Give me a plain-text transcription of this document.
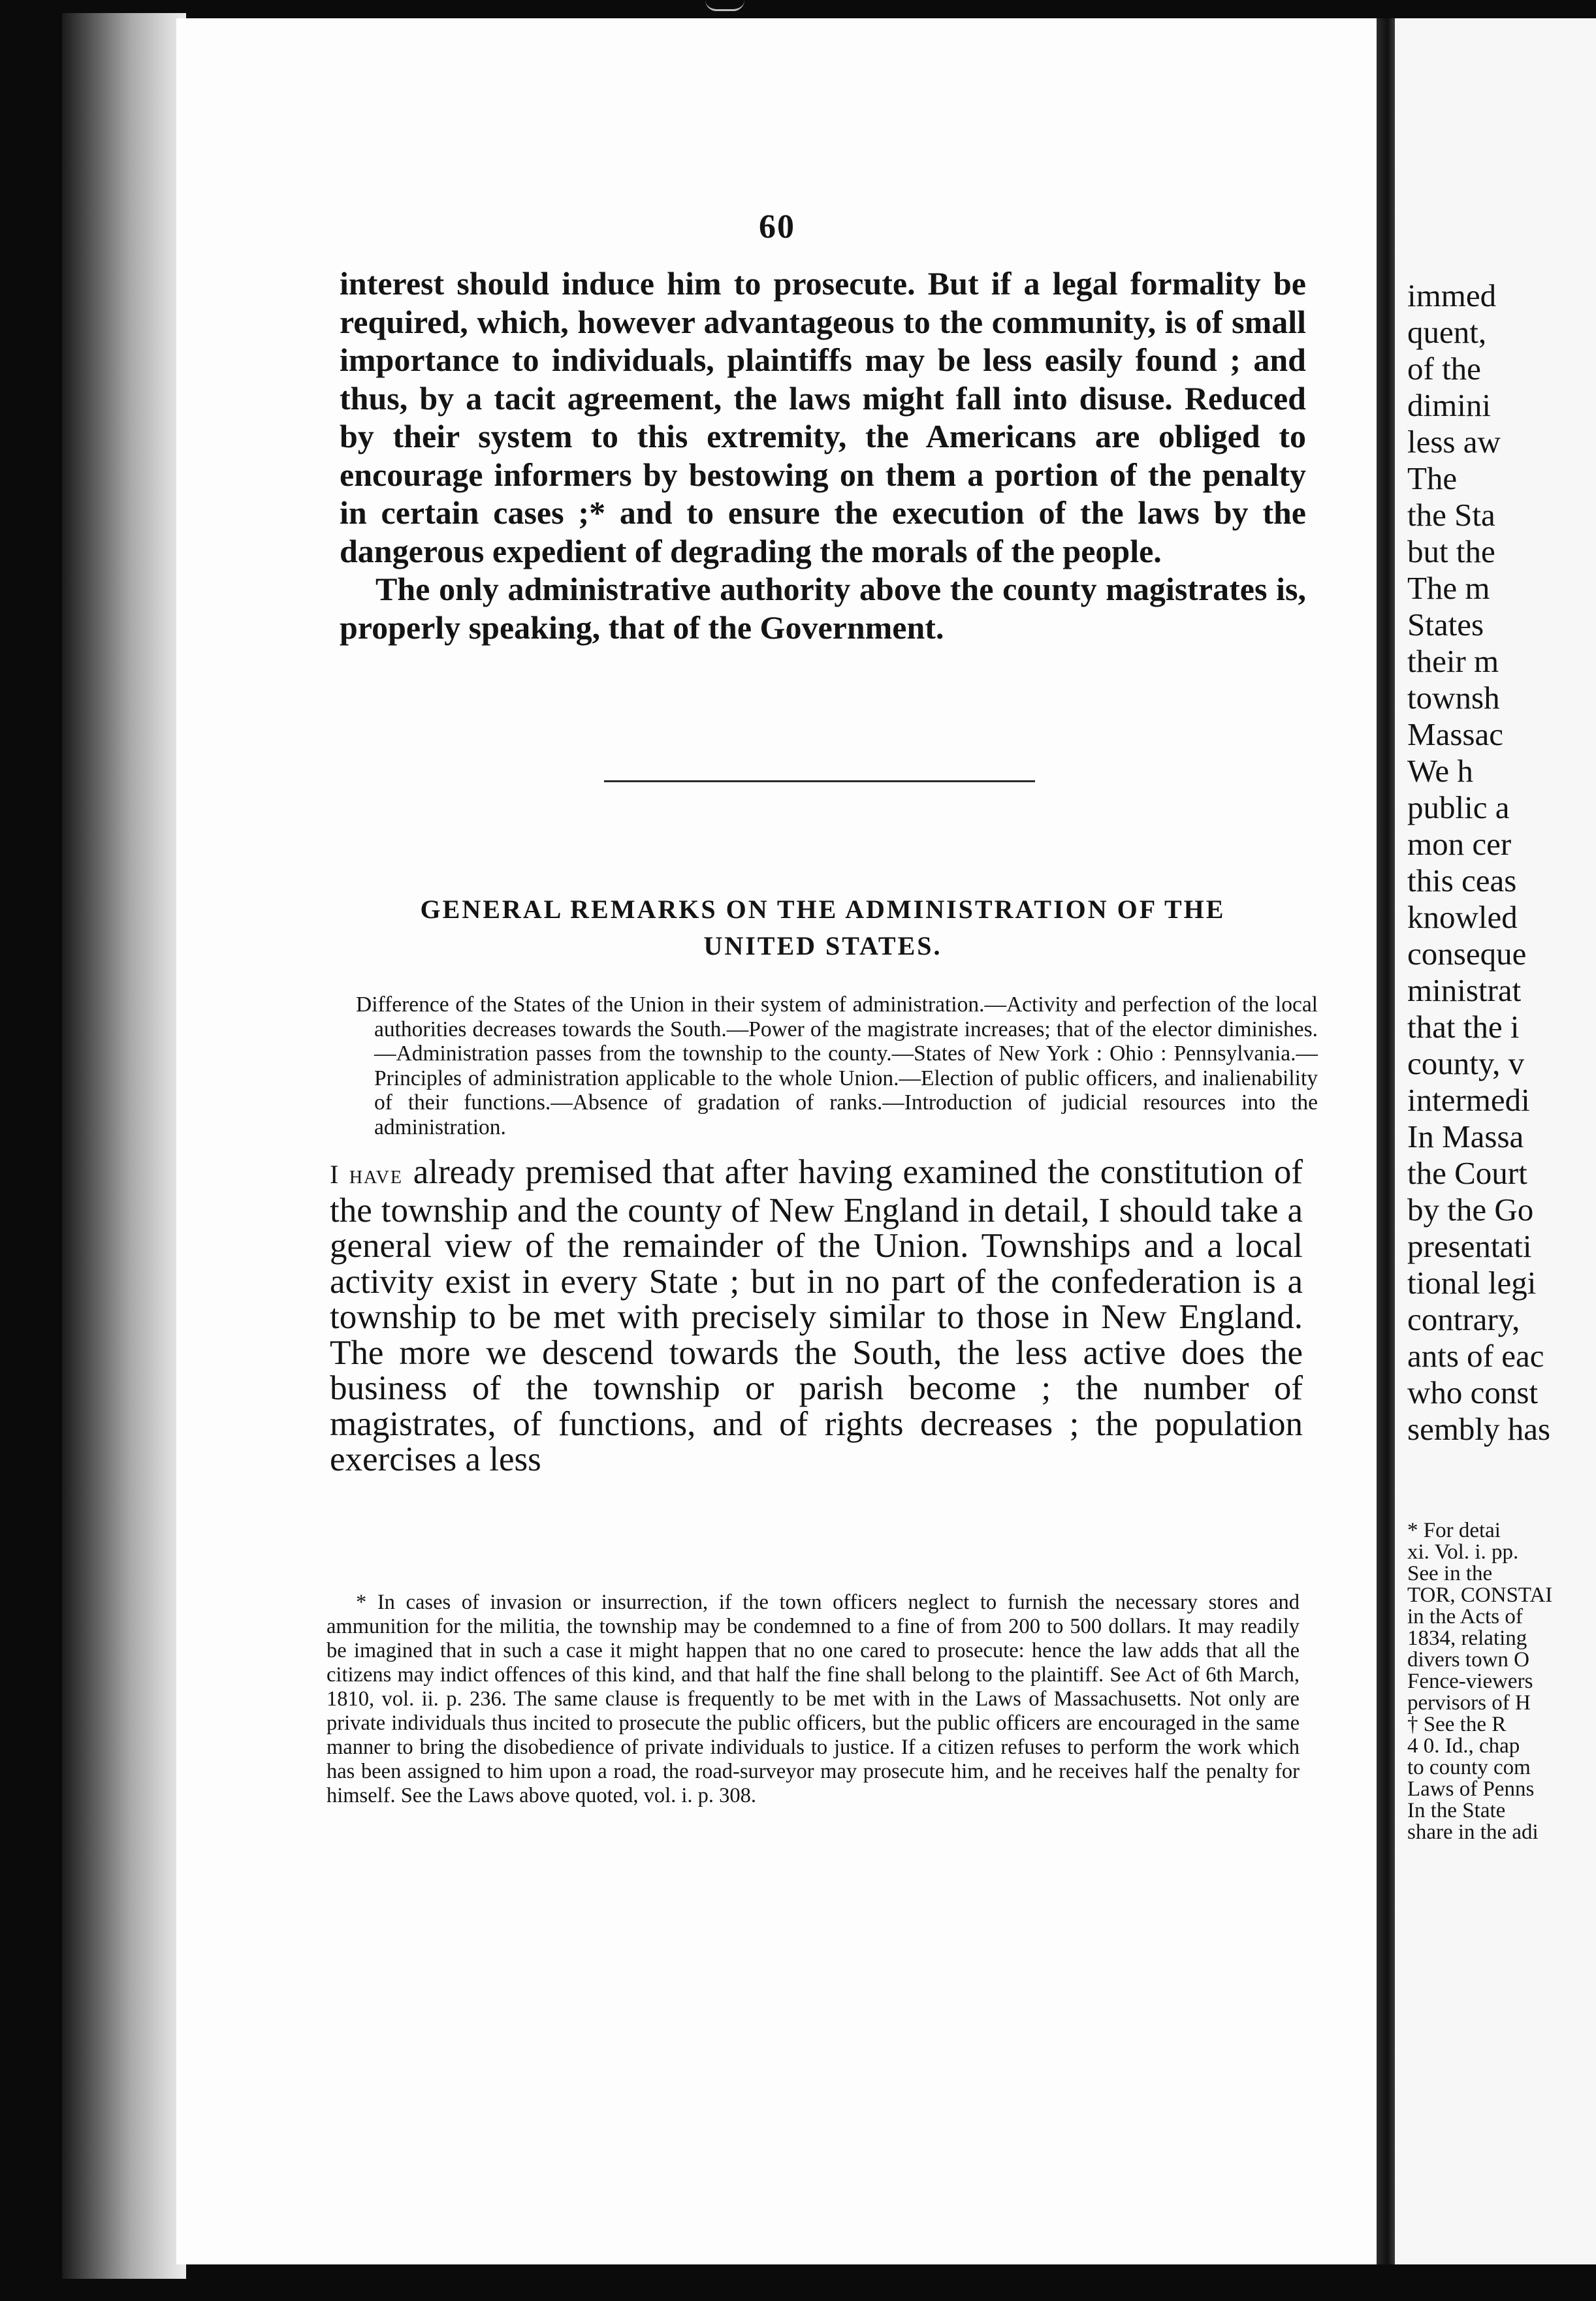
60

interest should induce him to prosecute. But if a legal formality be required, which, however advantageous to the community, is of small importance to individuals, plaintiffs may be less easily found ; and thus, by a tacit agreement, the laws might fall into disuse. Reduced by their system to this extremity, the Americans are obliged to encourage informers by bestowing on them a portion of the penalty in certain cases ;* and to ensure the execution of the laws by the dangerous expedient of degrading the morals of the people.

The only administrative authority above the county magistrates is, properly speaking, that of the Government.

GENERAL REMARKS ON THE ADMINISTRATION OF THE
UNITED STATES.

Difference of the States of the Union in their system of administration.—Activity and perfection of the local authorities decreases towards the South.—Power of the magistrate increases; that of the elector diminishes.—Administration passes from the township to the county.—States of New York : Ohio : Pennsylvania.—Principles of administration applicable to the whole Union.—Election of public officers, and inalienability of their functions.—Absence of gradation of ranks.—Introduction of judicial resources into the administration.

I have already premised that after having examined the constitution of the township and the county of New England in detail, I should take a general view of the remainder of the Union. Townships and a local activity exist in every State ; but in no part of the confederation is a township to be met with precisely similar to those in New England. The more we descend towards the South, the less active does the business of the township or parish become ; the number of magistrates, of functions, and of rights decreases ; the population exercises a less

* In cases of invasion or insurrection, if the town officers neglect to furnish the necessary stores and ammunition for the militia, the township may be condemned to a fine of from 200 to 500 dollars. It may readily be imagined that in such a case it might happen that no one cared to prosecute: hence the law adds that all the citizens may indict offences of this kind, and that half the fine shall belong to the plaintiff. See Act of 6th March, 1810, vol. ii. p. 236. The same clause is frequently to be met with in the Laws of Massachusetts. Not only are private individuals thus incited to prosecute the public officers, but the public officers are encouraged in the same manner to bring the disobedience of private individuals to justice. If a citizen refuses to perform the work which has been assigned to him upon a road, the road-surveyor may prosecute him, and he receives half the penalty for himself. See the Laws above quoted, vol. i. p. 308.

immed
quent,
of the
dimini
less aw
The
the Sta
but the
The m
States
their m
townsh
Massac
We h
public a
mon cer
this ceas
knowled
conseque
ministrat
that the i
county, v
intermedi
In Massa
the Court
by the Go
presentati
tional legi
contrary,
ants of eac
who const
sembly has
* For detai
xi. Vol. i. pp.
See in the
TOR, CONSTAI
in the Acts of
1834, relating
divers town O
Fence-viewers
pervisors of H
† See the R
4 0. Id., chap
to county com
Laws of Penns
In the State
share in the adi
